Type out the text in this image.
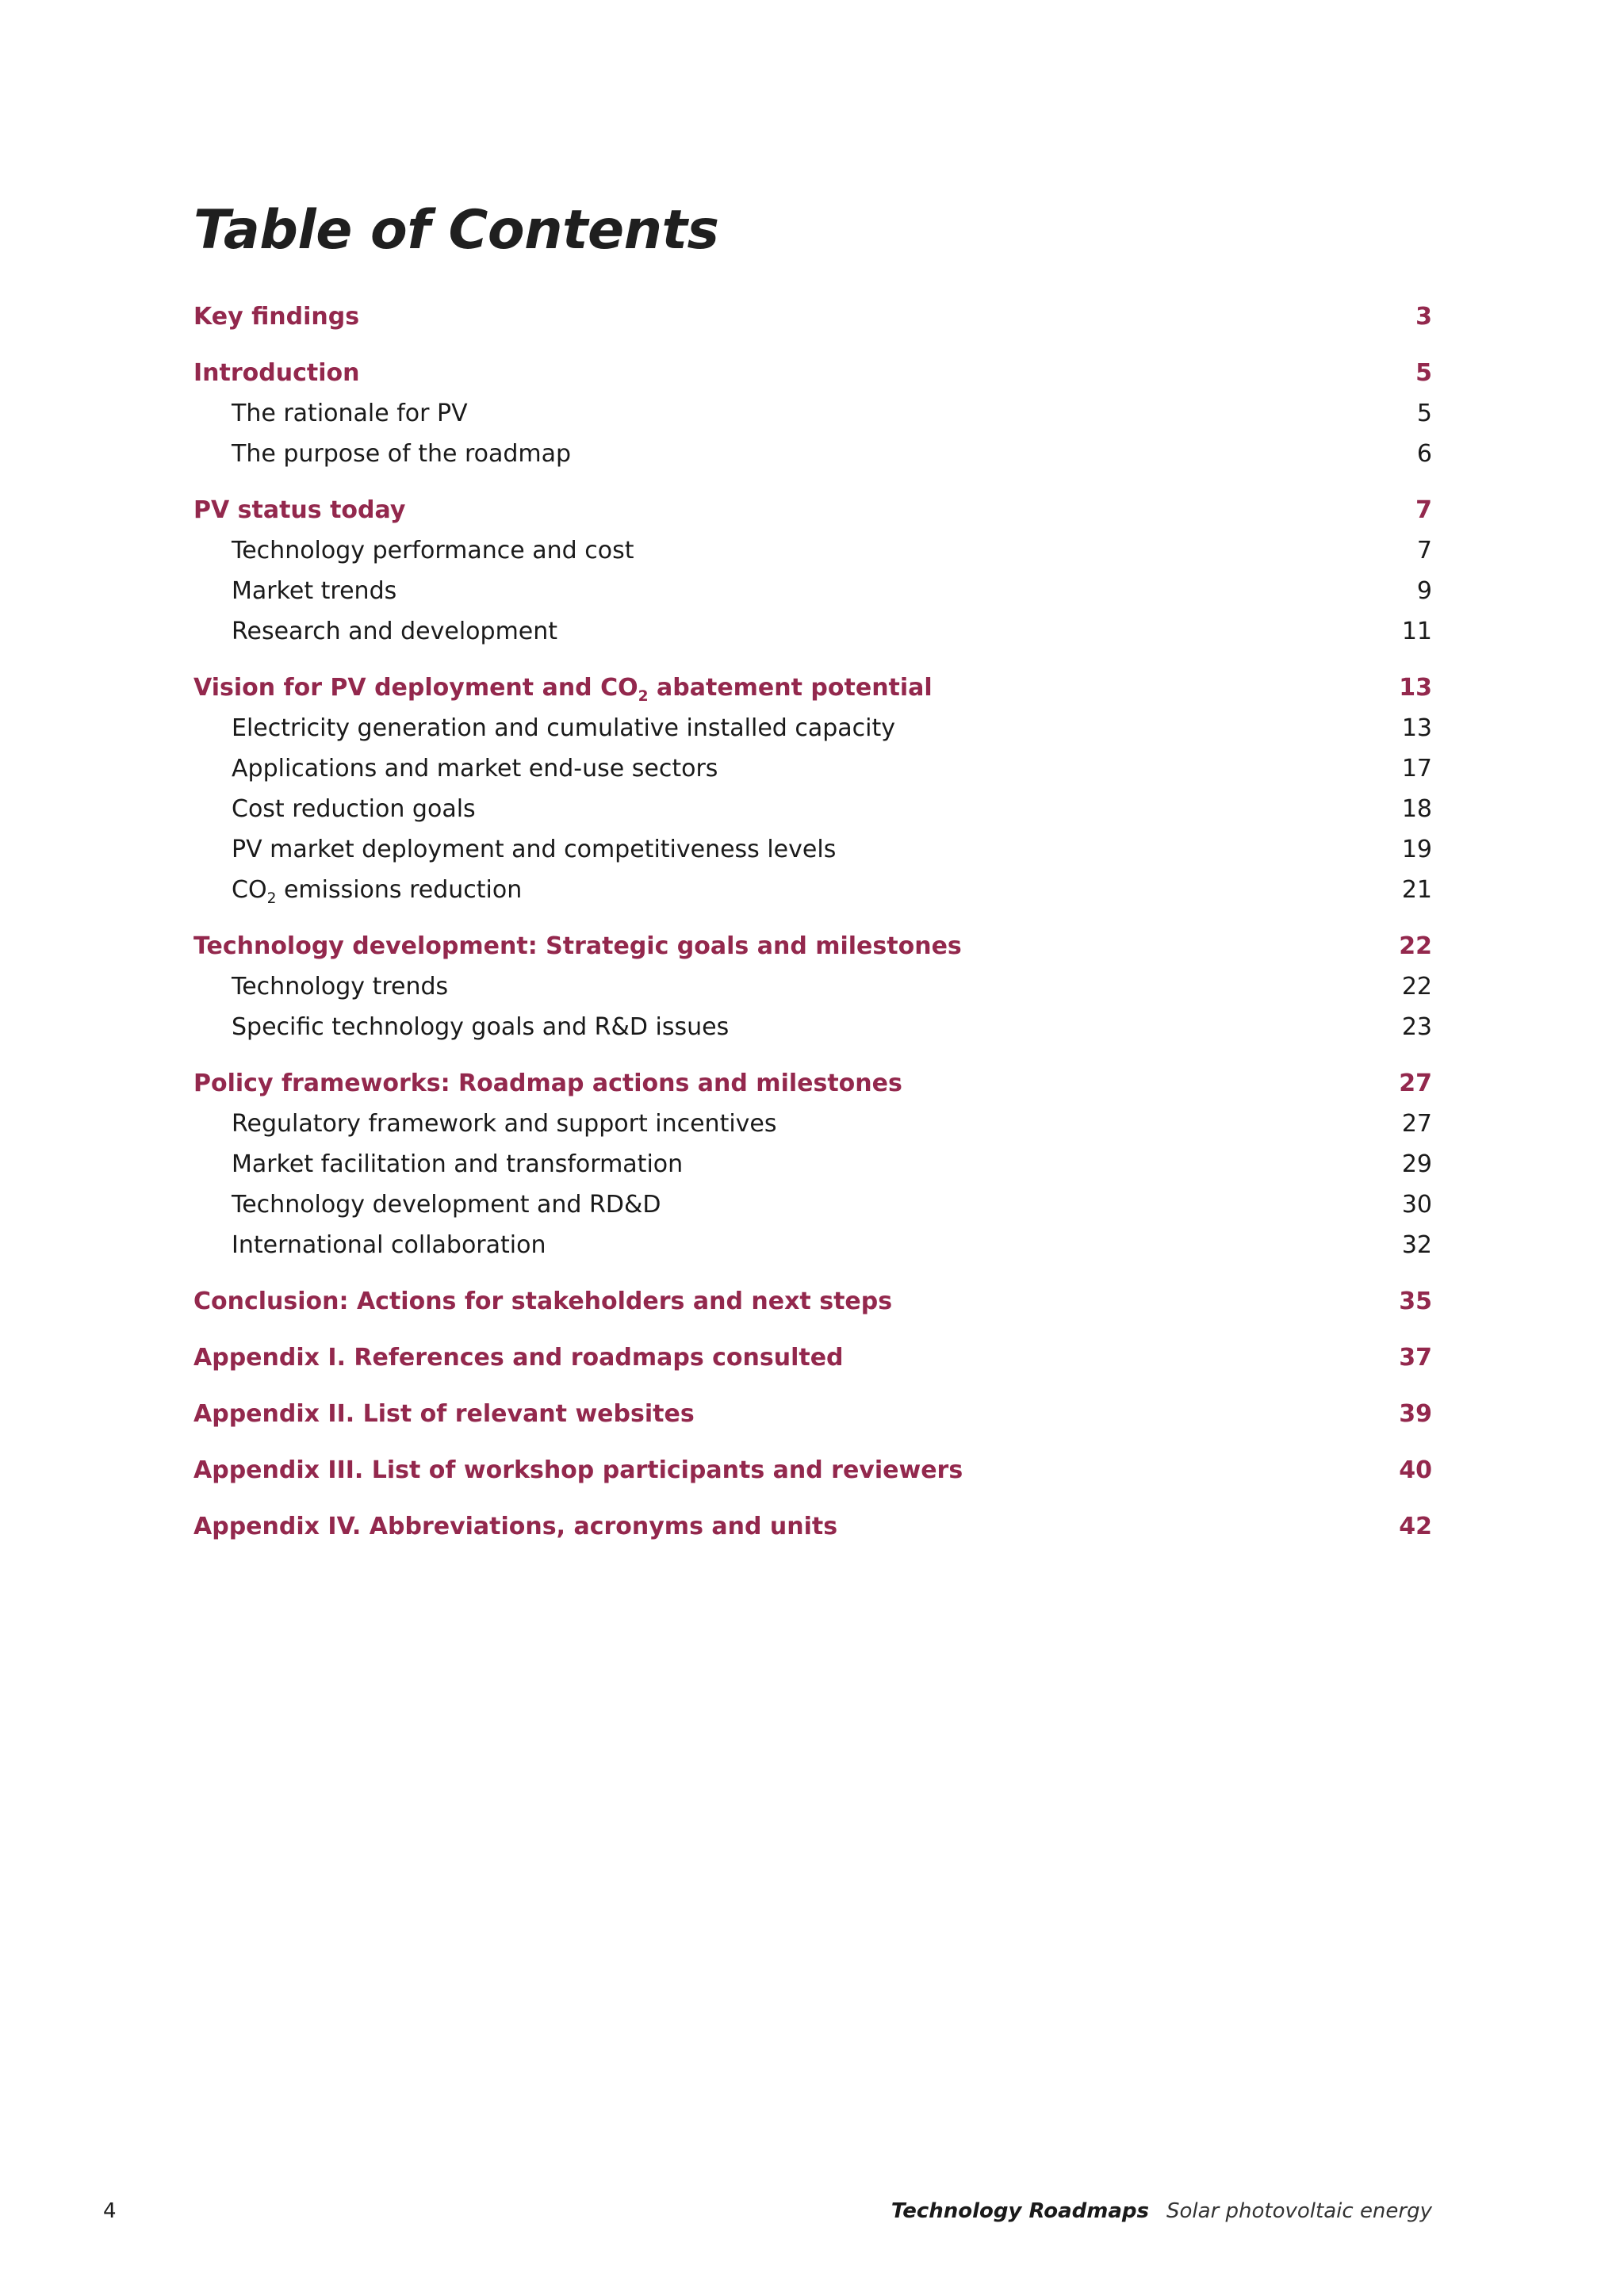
Table of Contents
Key findings	3
Introduction	5
The rationale for PV	5
The purpose of the roadmap	6
PV status today	7
Technology performance and cost	7
Market trends	9
Research and development	11
Vision for PV deployment and $CO_2$ abatement potential	13
Electricity generation and cumulative installed capacity	13
Applications and market end-use sectors	17
Cost reduction goals	18
PV market deployment and competitiveness levels	19
$CO_2$ emissions reduction	21
Technology development: Strategic goals and milestones	22
Technology trends	22
Specific technology goals and R&D issues	23
Policy frameworks: Roadmap actions and milestones	27
Regulatory framework and support incentives	27
Market facilitation and transformation	29
Technology development and RD&D	30
International collaboration	32
Conclusion: Actions for stakeholders and next steps	35
Appendix I. References and roadmaps consulted	37
Appendix II. List of relevant websites	39
Appendix III. List of workshop participants and reviewers	40
Appendix IV. Abbreviations, acronyms and units	42
4	Technology Roadmaps Solar photovoltaic energy
